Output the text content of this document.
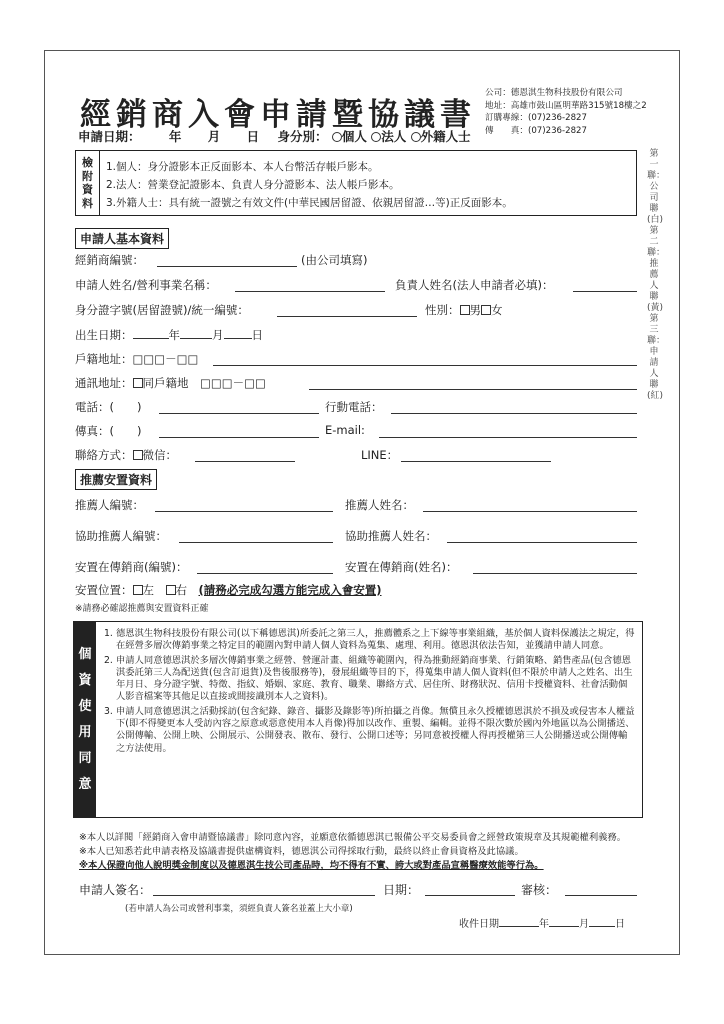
經銷商入會申請暨協議書
公司：德恩淇生物科技股份有限公司
地址：高雄市鼓山區明華路315號18樓之2
訂購專線：(07)236-2827
傳　　真：(07)236-2827
申請日期： 年 月 日 身分別： 個人 法人 外籍人士
檢
附
資
料
1.個人：身分證影本正反面影本、本人台幣活存帳戶影本。
2.法人：營業登記證影本、負責人身分證影本、法人帳戶影本。
3.外籍人士：具有統一證號之有效文件(中華民國居留證、依親居留證…等)正反面影本。
第一聯：公司聯(白)　第二聯：推薦人聯(黃)　第三聯：申請人聯(紅)
申請人基本資料
經銷商編號：	(由公司填寫)
申請人姓名/營利事業名稱：	負責人姓名(法人申請者必填)：
身分證字號(居留證號)/統一編號：	性別： 男 女
出生日期：	年	月 日
戶籍地址：□□□－□□
通訊地址： 同戶籍地　 □□□－□□
電話：(　　)	行動電話：
傳真：(　　)	E-mail:
聯絡方式： 微信：	LINE：
推薦安置資料
推薦人編號：	推薦人姓名：
協助推薦人編號：	協助推薦人姓名：
安置在傳銷商(編號)：	安置在傳銷商(姓名)：
安置位置： 左　 右　 (請務必完成勾選方能完成入會安置)
※請務必確認推薦與安置資料正確
個
資
使
用
同
意
1. 德恩淇生物科技股份有限公司(以下稱德恩淇)所委託之第三人，推薦體系之上下線等事業組織，基於個人資料保護法之規定，得在經營多層次傳銷事業之特定目的範圍內對申請人個人資料為蒐集、處理、利用。德恩淇依法告知，並獲請申請人同意。
2. 申請人同意德恩淇於多層次傳銷事業之經營、營運計畫、組織等範圍內，得為推動經銷商事業、行銷策略、銷售產品(包含德恩淇委託第三人為配送貨(包含訂退貨)及售後服務等)，發展組織等目的下，得蒐集申請人個人資料(但不限於申請人之姓名、出生年月日、身分證字號、特徵、指紋、婚姻、家庭、教育、職業、聯絡方式、居住所、財務狀況、信用卡授權資料、社會活動個人影音檔案等其他足以直接或間接識別本人之資料)。
3. 申請人同意德恩淇之活動採訪(包含紀錄、錄音、攝影及錄影等)所拍攝之肖像。無償且永久授權德恩淇於不損及或侵害本人權益下(即不得變更本人受訪內容之原意或惡意使用本人肖像)得加以改作、重製、編輯。並得不限次數於國內外地區以為公開播送、公開傳輸、公開上映、公開展示、公開發表、散布、發行、公開口述等；另同意被授權人得再授權第三人公開播送或公開傳輸之方法使用。

※本人以詳閱「經銷商入會申請暨協議書」除同意內容，並願意依循德恩淇已報備公平交易委員會之經營政策規章及其規範權利義務。

※本人已知悉若此申請表格及協議書提供虛構資料，德恩淇公司得採取行動，最終以終止會員資格及此協議。

※本人保證向他人說明獎金制度以及德恩淇生技公司產品時，均不得有不實、誇大或對產品宣稱醫療效能等行為。

申請人簽名：	日期：	審核：
(若申請人為公司或營利事業，須經負責人簽名並蓋上大小章)
收件日期	年	月	日
